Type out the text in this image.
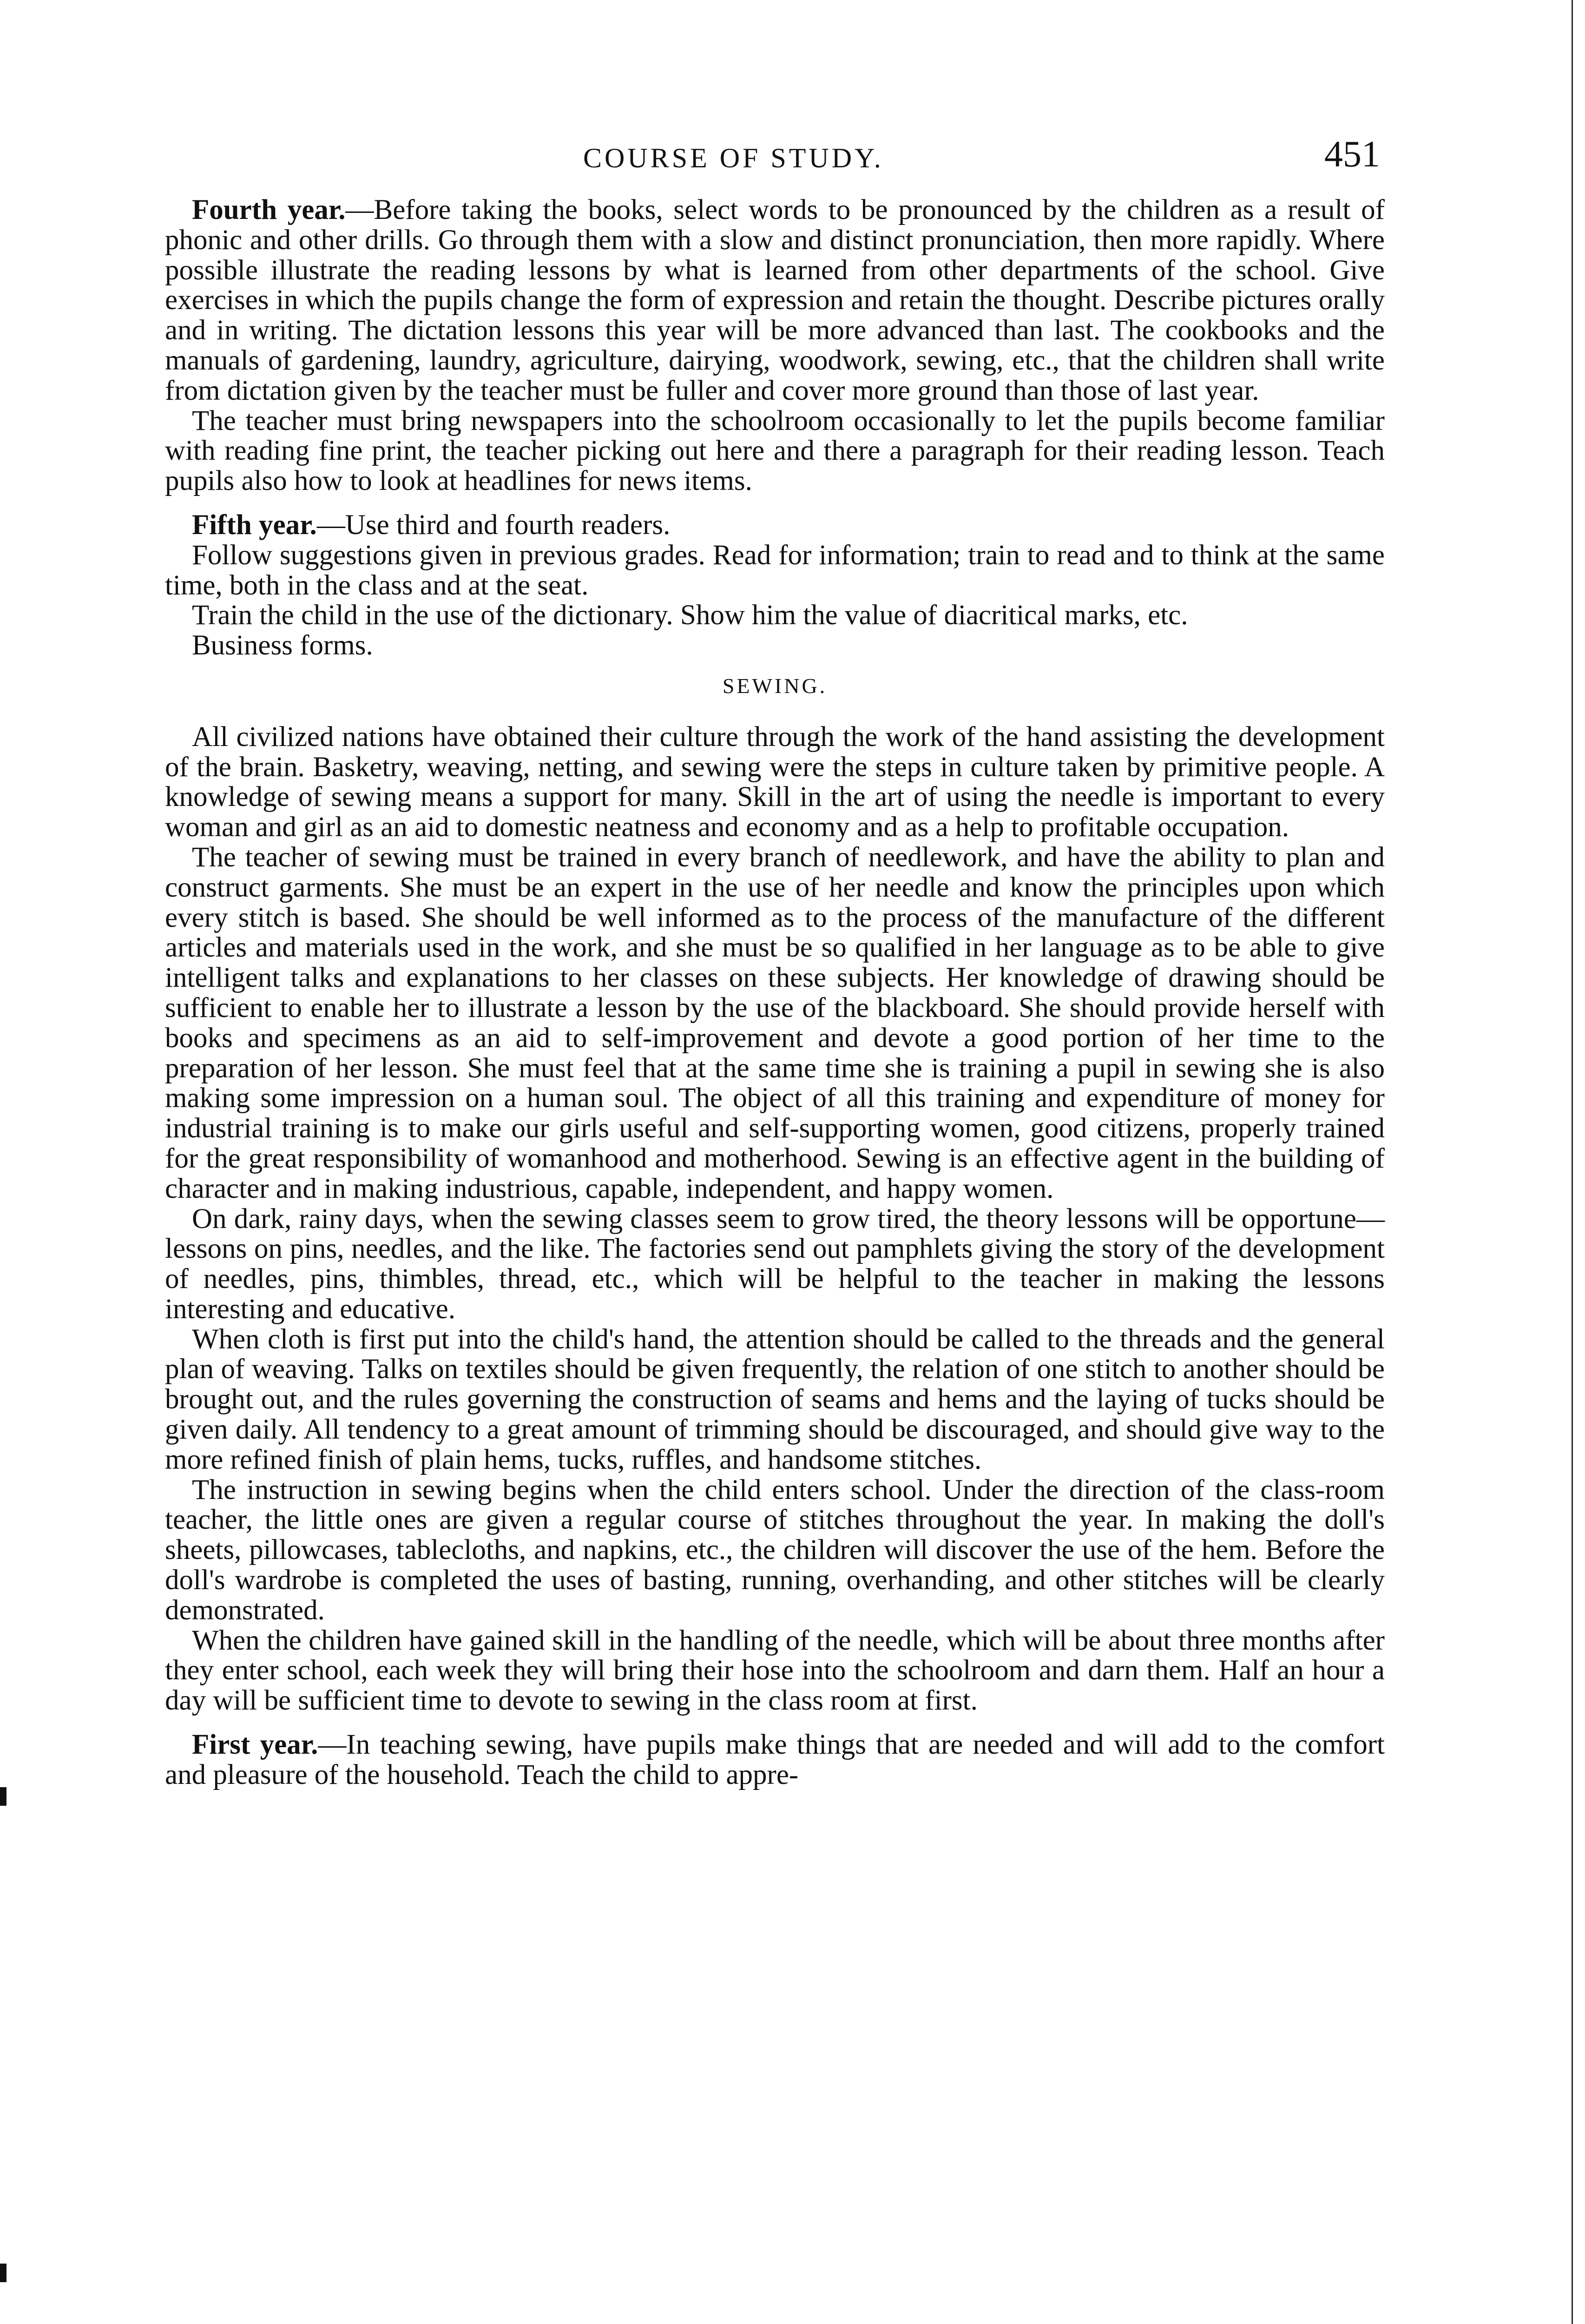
COURSE OF STUDY.	451

Fourth year.—Before taking the books, select words to be pronounced by the children as a result of phonic and other drills. Go through them with a slow and distinct pronunciation, then more rapidly. Where possible illustrate the reading lessons by what is learned from other departments of the school. Give exercises in which the pupils change the form of expression and retain the thought. Describe pictures orally and in writing. The dictation lessons this year will be more advanced than last. The cookbooks and the manuals of gardening, laundry, agriculture, dairying, woodwork, sewing, etc., that the children shall write from dictation given by the teacher must be fuller and cover more ground than those of last year.

The teacher must bring newspapers into the schoolroom occasionally to let the pupils become familiar with reading fine print, the teacher picking out here and there a paragraph for their reading lesson. Teach pupils also how to look at headlines for news items.

Fifth year.—Use third and fourth readers.

Follow suggestions given in previous grades. Read for information; train to read and to think at the same time, both in the class and at the seat.

Train the child in the use of the dictionary. Show him the value of diacritical marks, etc.

Business forms.

SEWING.

All civilized nations have obtained their culture through the work of the hand assisting the development of the brain. Basketry, weaving, netting, and sewing were the steps in culture taken by primitive people. A knowledge of sewing means a support for many. Skill in the art of using the needle is important to every woman and girl as an aid to domestic neatness and economy and as a help to profitable occupation.

The teacher of sewing must be trained in every branch of needlework, and have the ability to plan and construct garments. She must be an expert in the use of her needle and know the principles upon which every stitch is based. She should be well informed as to the process of the manufacture of the different articles and materials used in the work, and she must be so qualified in her language as to be able to give intelligent talks and explanations to her classes on these subjects. Her knowledge of drawing should be sufficient to enable her to illustrate a lesson by the use of the blackboard. She should provide herself with books and specimens as an aid to self-improvement and devote a good portion of her time to the preparation of her lesson. She must feel that at the same time she is training a pupil in sewing she is also making some impression on a human soul. The object of all this training and expenditure of money for industrial training is to make our girls useful and self-supporting women, good citizens, properly trained for the great responsibility of womanhood and motherhood. Sewing is an effective agent in the building of character and in making industrious, capable, independent, and happy women.

On dark, rainy days, when the sewing classes seem to grow tired, the theory lessons will be opportune—lessons on pins, needles, and the like. The factories send out pamphlets giving the story of the development of needles, pins, thimbles, thread, etc., which will be helpful to the teacher in making the lessons interesting and educative.

When cloth is first put into the child's hand, the attention should be called to the threads and the general plan of weaving. Talks on textiles should be given frequently, the relation of one stitch to another should be brought out, and the rules governing the construction of seams and hems and the laying of tucks should be given daily. All tendency to a great amount of trimming should be discouraged, and should give way to the more refined finish of plain hems, tucks, ruffles, and handsome stitches.

The instruction in sewing begins when the child enters school. Under the direction of the class-room teacher, the little ones are given a regular course of stitches throughout the year. In making the doll's sheets, pillowcases, tablecloths, and napkins, etc., the children will discover the use of the hem. Before the doll's wardrobe is completed the uses of basting, running, overhanding, and other stitches will be clearly demonstrated.

When the children have gained skill in the handling of the needle, which will be about three months after they enter school, each week they will bring their hose into the schoolroom and darn them. Half an hour a day will be sufficient time to devote to sewing in the class room at first.

First year.—In teaching sewing, have pupils make things that are needed and will add to the comfort and pleasure of the household. Teach the child to appre-
